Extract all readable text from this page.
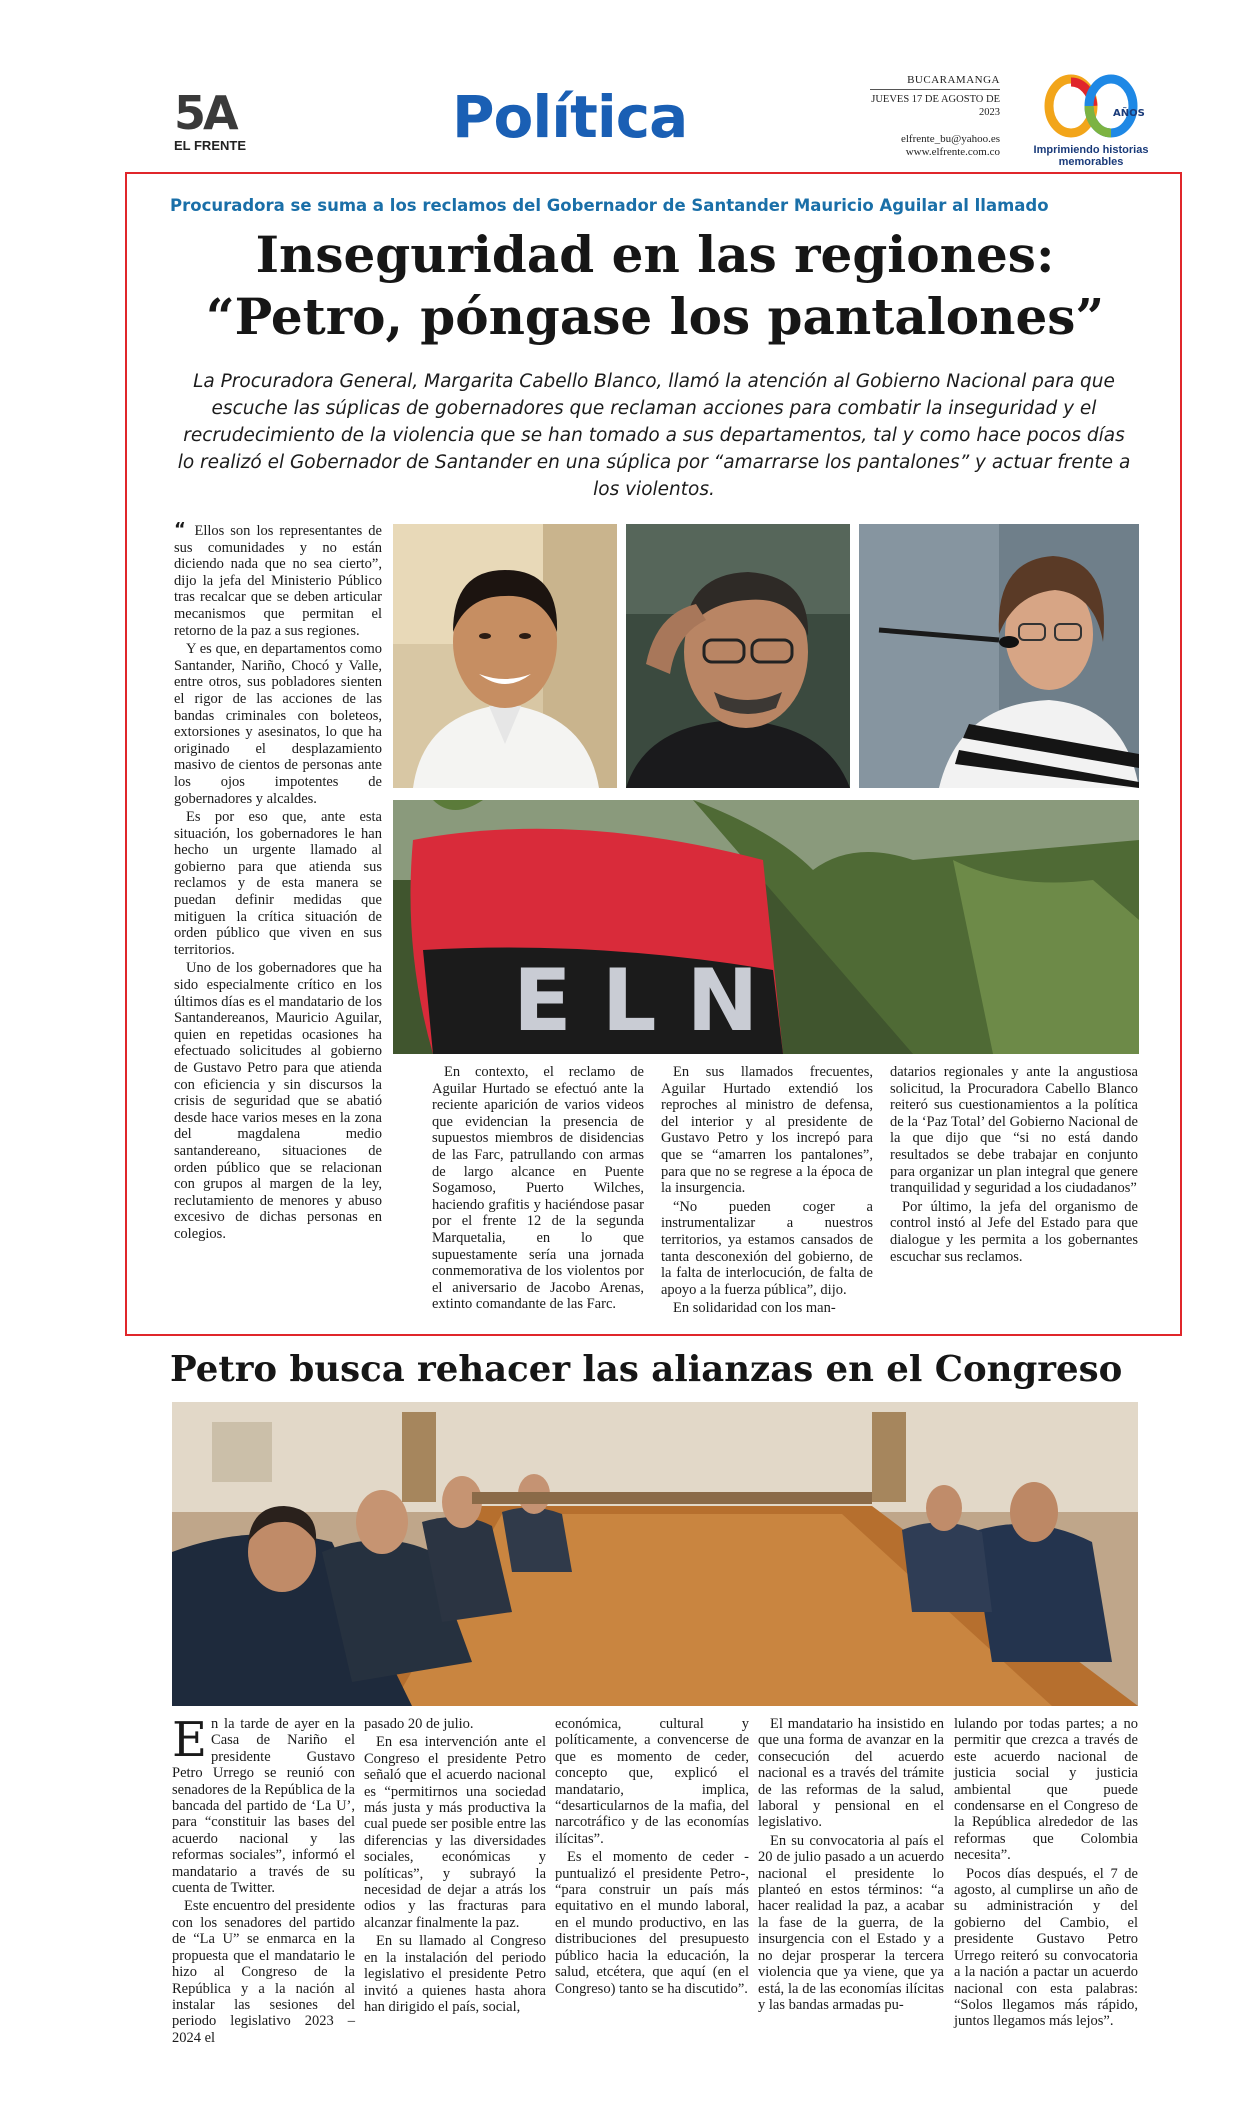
5A
EL FRENTE	Política
BUCARAMANGA
JUEVES 17 DE AGOSTO DE 2023
elfrente_bu@yahoo.es
www.elfrente.com.co
AÑOS
Imprimiendo historias memorables
Procuradora se suma a los reclamos del Gobernador de Santander Mauricio Aguilar al llamado
Inseguridad en las regiones:
“Petro, póngase los pantalones”
La Procuradora General, Margarita Cabello Blanco, llamó la atención al Gobierno Nacional para que escuche las súplicas de gobernadores que reclaman acciones para combatir la inseguridad y el recrudecimiento de la violencia que se han tomado a sus departamentos, tal y como hace pocos días lo realizó el Gobernador de Santander en una súplica por “amarrarse los pantalones” y actuar frente a los violentos.

“ Ellos son los representantes de sus comunidades y no están diciendo nada que no sea cierto”, dijo la jefa del Ministerio Público tras recalcar que se deben articular mecanismos que permitan el retorno de la paz a sus regiones.

Y es que, en departamentos como Santander, Nariño, Chocó y Valle, entre otros, sus pobladores sienten el rigor de las acciones de las bandas criminales con boleteos, extorsiones y asesinatos, lo que ha originado el desplazamiento masivo de cientos de personas ante los ojos impotentes de gobernadores y alcaldes.

Es por eso que, ante esta situación, los gobernadores le han hecho un urgente llamado al gobierno para que atienda sus reclamos y de esta manera se puedan definir medidas que mitiguen la crítica situación de orden público que viven en sus territorios.

Uno de los gobernadores que ha sido especialmente crítico en los últimos días es el mandatario de los Santandereanos, Mauricio Aguilar, quien en repetidas ocasiones ha efectuado solicitudes al gobierno de Gustavo Petro para que atienda con eficiencia y sin discursos la crisis de seguridad que se abatió desde hace varios meses en la zona del magdalena medio santandereano, situaciones de orden público que se relacionan con grupos al margen de la ley, reclutamiento de menores y abuso excesivo de dichas personas en colegios.

ELN

En contexto, el reclamo de Aguilar Hurtado se efectuó ante la reciente aparición de varios videos que evidencian la presencia de supuestos miembros de disidencias de las Farc, patrullando con armas de largo alcance en Puente Sogamoso, Puerto Wilches, haciendo grafitis y haciéndose pasar por el frente 12 de la segunda Marquetalia, en lo que supuestamente sería una jornada conmemorativa de los violentos por el aniversario de Jacobo Arenas, extinto comandante de las Farc.

En sus llamados frecuentes, Aguilar Hurtado extendió los reproches al ministro de defensa, del interior y al presidente de Gustavo Petro y los increpó para que se “amarren los pantalones”, para que no se regrese a la época de la insurgencia.

“No pueden coger a instrumentalizar a nuestros territorios, ya estamos cansados de tanta desconexión del gobierno, de la falta de interlocución, de falta de apoyo a la fuerza pública”, dijo.

En solidaridad con los man-

datarios regionales y ante la angustiosa solicitud, la Procuradora Cabello Blanco reiteró sus cuestionamientos a la política de la ‘Paz Total’ del Gobierno Nacional de la que dijo que “si no está dando resultados se debe trabajar en conjunto para organizar un plan integral que genere tranquilidad y seguridad a los ciudadanos”

Por último, la jefa del organismo de control instó al Jefe del Estado para que dialogue y les permita a los gobernantes escuchar sus reclamos.

Petro busca rehacer las alianzas en el Congreso

En la tarde de ayer en la Casa de Nariño el presidente Gustavo Petro Urrego se reunió con senadores de la República de la bancada del partido de ‘La U’, para “constituir las bases del acuerdo nacional y las reformas sociales”, informó el mandatario a través de su cuenta de Twitter.

Este encuentro del presidente con los senadores del partido de “La U” se enmarca en la propuesta que el mandatario le hizo al Congreso de la República y a la nación al instalar las sesiones del periodo legislativo 2023 – 2024 el

pasado 20 de julio.

En esa intervención ante el Congreso el presidente Petro señaló que el acuerdo nacional es “permitirnos una sociedad más justa y más productiva la cual puede ser posible entre las diferencias y las diversidades sociales, económicas y políticas”, y subrayó la necesidad de dejar a atrás los odios y las fracturas para alcanzar finalmente la paz.

En su llamado al Congreso en la instalación del periodo legislativo el presidente Petro invitó a quienes hasta ahora han dirigido el país, social,

económica, cultural y políticamente, a convencerse de que es momento de ceder, concepto que, explicó el mandatario, implica, “desarticularnos de la mafia, del narcotráfico y de las economías ilícitas”.

Es el momento de ceder -puntualizó el presidente Petro-, “para construir un país más equitativo en el mundo laboral, en el mundo productivo, en las distribuciones del presupuesto público hacia la educación, la salud, etcétera, que aquí (en el Congreso) tanto se ha discutido”.

El mandatario ha insistido en que una forma de avanzar en la consecución del acuerdo nacional es a través del trámite de las reformas de la salud, laboral y pensional en el legislativo.

En su convocatoria al país el 20 de julio pasado a un acuerdo nacional el presidente lo planteó en estos términos: “a hacer realidad la paz, a acabar la fase de la guerra, de la insurgencia con el Estado y a no dejar prosperar la tercera violencia que ya viene, que ya está, la de las economías ilícitas y las bandas armadas pu-

lulando por todas partes; a no permitir que crezca a través de este acuerdo nacional de justicia social y justicia ambiental que puede condensarse en el Congreso de la República alrededor de las reformas que Colombia necesita”.

Pocos días después, el 7 de agosto, al cumplirse un año de su administración y del gobierno del Cambio, el presidente Gustavo Petro Urrego reiteró su convocatoria a la nación a pactar un acuerdo nacional con esta palabras: “Solos llegamos más rápido, juntos llegamos más lejos”.
